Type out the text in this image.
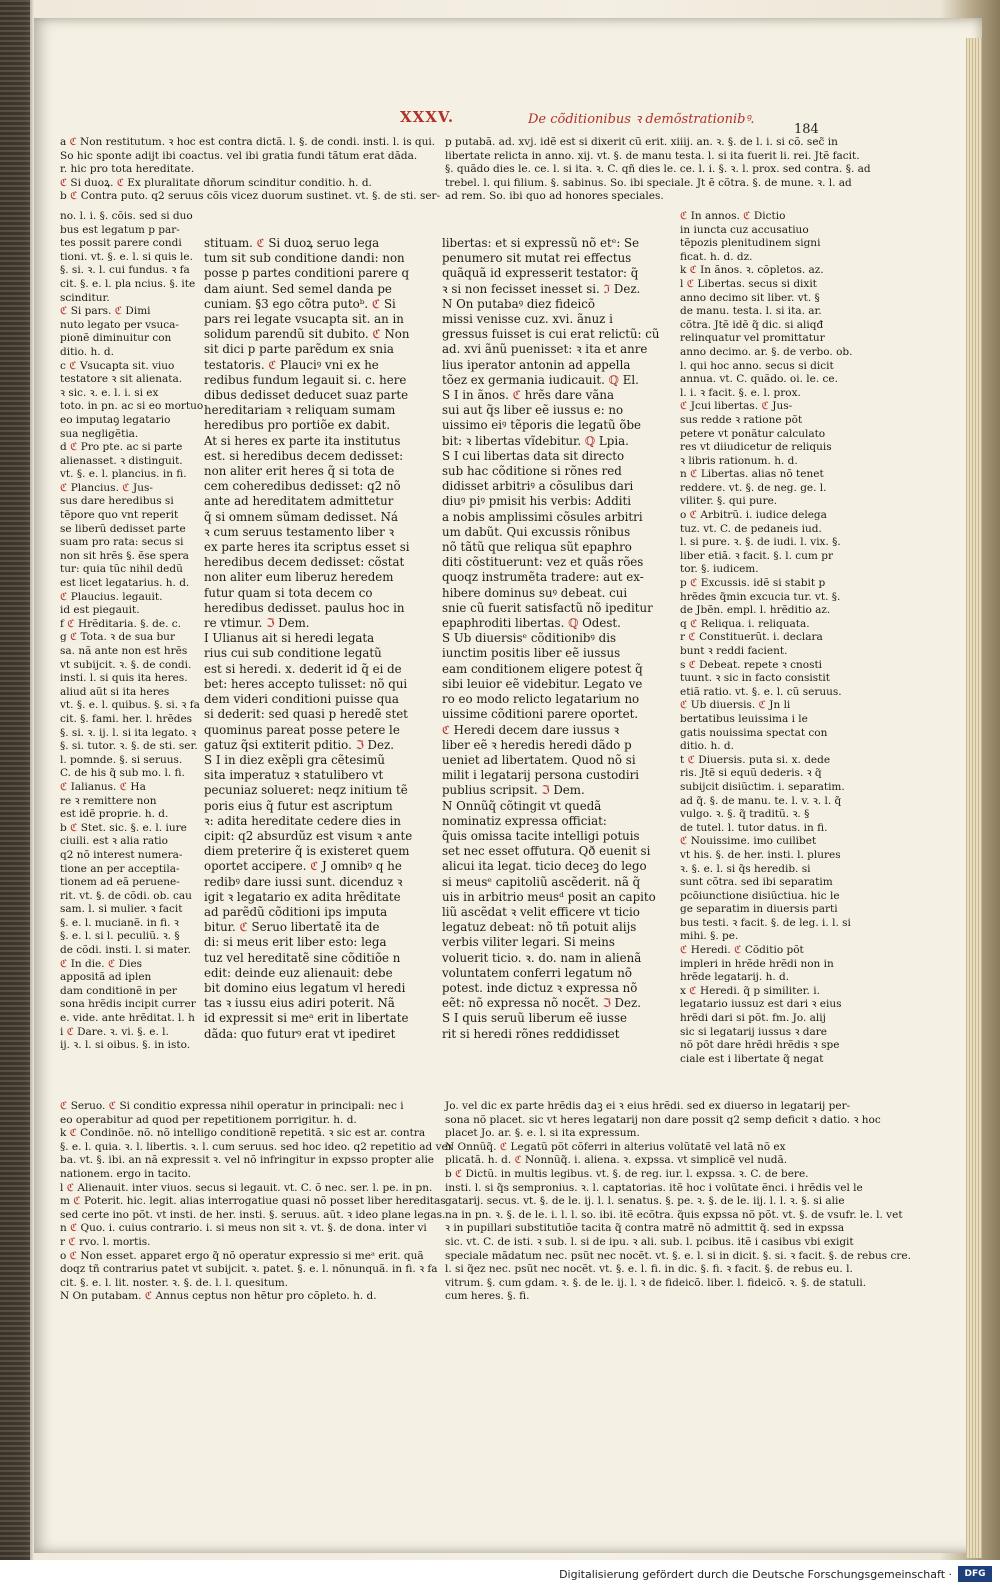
XXXV.	De cõditionibus ꝛ demõstrationibꝰ.
184

a ℭ Non restitutum. ꝛ hoc est contra dictã. l. §. de condi. insti. l. is qui.

So hic sponte adijt ibi coactus. vel ibi gratia fundi tãtum erat dãda.

r. hic pro tota hereditate.

ℭ Si duoꝝ. ℭ Ex pluralitate dñorum scinditur conditio. h. d.

b ℭ Contra puto. q2 seruus cõis vicez duorum sustinet. vt. §. de sti. ser-

p putabã. ad. xvj. idẽ est si dixerit cũ erit. xiiij. an. ꝛ. §. de l. i. si cõ. sec̃ in

libertate relicta in anno. xij. vt. §. de manu testa. l. si ita fuerit li. rei. Jtẽ facit.

§. quãdo dies le. ce. l. si ita. ꝛ. C. qñ dies le. ce. l. i. §. ꝛ. l. prox. sed contra. §. ad

trebel. l. qui filium. §. sabinus. So. ibi speciale. Jt ẽ cõtra. §. de mune. ꝛ. l. ad

ad rem. So. ibi quo ad honores speciales.

no. l. i. §. cõis. sed si duo

bus est legatum p par-

tes possit parere condi

tioni. vt. §. e. l. si quis le.

§. si. ꝛ. l. cui fundus. ꝛ fa

cit. §. e. l. pla ncius. §. ite

scinditur.

ℭ Si pars. ℭ Dimi

nuto legato per vsuca-

pionẽ diminuitur con

ditio. h. d.

c ℭ Vsucapta sit. viuo

testatore ꝛ sit alienata.

ꝛ sic. ꝛ. e. l. i. si ex

toto. in pn. ac si eo mortuo

eo imputaꝯ legatario

sua negligẽtia.

d ℭ Pro pte. ac si parte

alienasset. ꝛ distinguit.

vt. §. e. l. plancius. in fi.

ℭ Plancius. ℭ Jus-

sus dare heredibus si

tẽpore quo vnt reperit

se liberũ dedisset parte

suam pro rata: secus si

non sit hrẽs §. ẽse spera

tur: quia tũc nihil dedũ

est licet legatarius. h. d.

ℭ Plaucius. legauit.

id est piegauit.

f ℭ Hrẽditaria. §. de. c.

g ℭ Tota. ꝛ de sua bur

sa. nã ante non est hrẽs

vt subijcit. ꝛ. §. de condi.

insti. l. si quis ita heres.

aliud aũt si ita heres

vt. §. e. l. quibus. §. si. ꝛ fa

cit. §. fami. her. l. hrẽdes

§. si. ꝛ. ij. l. si ita legato. ꝛ

§. si. tutor. ꝛ. §. de sti. ser.

l. pomnde. §. si seruus.

C. de his q̃ sub mo. l. fi.

ℭ Ialianus. ℭ Ha

re ꝛ remittere non

est idẽ proprie. h. d.

b ℭ Stet. sic. §. e. l. iure

ciuili. est ꝛ alia ratio

q2 nõ interest numera-

tione an per acceptila-

tionem ad eã peruene-

rit. vt. §. de cõdi. ob. cau

sam. l. si mulier. ꝛ facit

§. e. l. mucianẽ. in fi. ꝛ

§. e. l. si l. peculiũ. ꝛ. §

de cõdi. insti. l. si mater.

ℭ In die. ℭ Dies

appositã ad iplen

dam conditionẽ in per

sona hrẽdis incipit currer

e. vide. ante hrẽditat. l. h

i ℭ Dare. ꝛ. vi. §. e. l.

ij. ꝛ. l. si oibus. §. in isto.

stituam. ℭ Si duoꝝ seruo lega

tum sit sub conditione dandi: non

posse p partes conditioni parere q

dam aiunt. Sed semel danda pe

cuniam. §3 ego cõtra putoᵇ. ℭ Si

pars rei legate vsucapta sit. an in

solidum parendũ sit dubito. ℭ Non

sit dici p parte parẽdum ex snia

testatoris. ℭ Plauciꝰ vni ex he

redibus fundum legauit si. c. here

dibus dedisset deducet suaz parte

hereditariam ꝛ reliquam sumam

heredibus pro portiõe ex dabit.

At si heres ex parte ita institutus

est. si heredibus decem dedisset:

non aliter erit heres q̃ si tota de

cem coheredibus dedisset: q2 nõ

ante ad hereditatem admittetur

q̃ si omnem sũmam dedisset. Ná

ꝛ cum seruus testamento liber ꝛ

ex parte heres ita scriptus esset si

heredibus decem dedisset: cõstat

non aliter eum liberuz heredem

futur quam si tota decem co

heredibus dedisset. paulus hoc in

re vtimur. ℑ Dem.

I Ulianus ait si heredi legata

rius cui sub conditione legatũ

est si heredi. x. dederit id q̃ ei de

bet: heres accepto tulisset: nõ qui

dem videri conditioni puisse qua

si dederit: sed quasi p heredẽ stet

quominus pareat posse petere le

gatuz q̃si extiterit pditio. ℑ Dez.

S I in diez exẽpli gra cẽtesimũ

sita imperatuz ꝛ statulibero vt

pecuniaz solueret: neqz initium tẽ

poris eius q̃ futur est ascriptum

ꝛ: adita hereditate cedere dies in

cipit: q2 absurdũz est visum ꝛ ante

diem preterire q̃ is existeret quem

oportet accipere. ℭ J omnibꝰ q he

redibꝰ dare iussi sunt. dicenduz ꝛ

igit ꝛ legatario ex adita hrẽditate

ad parẽdũ cõditioni ips imputa

bitur. ℭ Seruo libertatẽ ita de

di: si meus erit liber esto: lega

tuz vel hereditatẽ sine cõditiõe n

edit: deinde euz alienauit: debe

bit domino eius legatum vl heredi

tas ꝛ iussu eius adiri poterit. Nã

id expressit si meᵃ erit in libertate

dãda: quo futurꝰ erat vt ipediret

libertas: et si expressũ nõ etᵉ: Se

penumero sit mutat rei effectus

quãquã id expresserit testator: q̃

ꝛ si non fecisset inesset si. ℑ Dez.

N On putabaꝰ diez fideicõ

missi venisse cuz. xvi. ãnuz i

gressus fuisset is cui erat relictũ: cũ

ad. xvi ãnũ puenisset: ꝛ ita et anre

lius iperator antonin ad appella

tõez ex germania iudicauit. ℚ El.

S I in ãnos. ℭ hrẽs dare vãna

sui aut q̃s liber eẽ iussus e: no

uissimo eiꝰ tẽporis die legatũ õbe

bit: ꝛ libertas vĩdebitur. ℚ Lpia.

S I cui libertas data sit directo

sub hac cõditione si rõnes red

didisset arbitriꝰ a cõsulibus dari

diuꝰ piꝰ pmisit his verbis: Additi

a nobis amplissimi cõsules arbitri

um dabũt. Qui excussis rõnibus

nõ tãtũ que reliqua sũt epaphro

diti cõstituerunt: vez et quãs rões

quoqz instrumẽta tradere: aut ex-

hibere dominus suꝰ debeat. cui

snie cũ fuerit satisfactũ nõ ipeditur

epaphroditi libertas. ℚ Odest.

S Ub diuersisᵉ cõditionibꝰ dis

iunctim positis liber eẽ iussus

eam conditionem eligere potest q̃

sibi leuior eẽ videbitur. Legato ve

ro eo modo relicto legatarium no

uissime cõditioni parere oportet.

ℭ Heredi decem dare iussus ꝛ

liber eẽ ꝛ heredis heredi dãdo p

ueniet ad libertatem. Quod nõ si

milit i legatarij persona custodiri

publius scripsit. ℑ Dem.

N Onnũq̃ cõtingit vt quedã

nominatiz expressa officiat:

q̃uis omissa tacite intelligi potuis

set nec esset offutura. Qð euenit si

alicui ita legat. ticio deceꝫ do lego

si meusᵉ capitoliũ ascẽderit. nã q̃

uis in arbitrio meusᵈ posit an capito

liũ ascẽdat ꝛ velit efficere vt ticio

legatuz debeat: nõ tñ potuit alijs

verbis viliter legari. Si meins

voluerit ticio. ꝛ. do. nam in alienã

voluntatem conferri legatum nõ

potest. inde dictuz ꝛ expressa nõ

eẽt: nõ expressa nõ nocẽt. ℑ Dez.

S I quis seruũ liberum eẽ iusse

rit si heredi rõnes reddidisset

ℭ In annos. ℭ Dictio

in iuncta cuz accusatiuo

tẽpozis plenitudinem signi

ficat. h. d. dz.

k ℭ In ãnos. ꝛ. cõpletos. az.

l ℭ Libertas. secus si dixit

anno decimo sit liber. vt. §

de manu. testa. l. si ita. ar.

cõtra. Jtẽ idẽ q̃ dic. si aliqđ

relinquatur vel promittatur

anno decimo. ar. §. de verbo. ob.

l. qui hoc anno. secus si dicit

annua. vt. C. quãdo. oi. le. ce.

l. i. ꝛ facit. §. e. l. prox.

ℭ Jcui libertas. ℭ Jus-

sus redde ꝛ ratione põt

petere vt ponãtur calculato

res vt diiudicetur de reliquis

ꝛ libris rationum. h. d.

n ℭ Libertas. alias nõ tenet

reddere. vt. §. de neg. ge. l.

viliter. §. qui pure.

o ℭ Arbitrũ. i. iudice delega

tuz. vt. C. de pedaneis iud.

l. si pure. ꝛ. §. de iudi. l. vix. §.

liber etiã. ꝛ facit. §. l. cum pr

tor. §. iudicem.

p ℭ Excussis. idẽ si stabit p

hrẽdes q̃min excucia tur. vt. §.

de Jbẽn. empl. l. hrẽditio az.

q ℭ Reliqua. i. reliquata.

r ℭ Constituerũt. i. declara

bunt ꝛ reddi facient.

s ℭ Debeat. repete ꝛ cnosti

tuunt. ꝛ sic in facto consistit

etiã ratio. vt. §. e. l. cũ seruus.

ℭ Ub diuersis. ℭ Jn li

bertatibus leuissima i le

gatis nouissima spectat con

ditio. h. d.

t ℭ Diuersis. puta si. x. dede

ris. Jtẽ si equũ dederis. ꝛ q̃

subijcit disiũctim. i. separatim.

ad q̃. §. de manu. te. l. v. ꝛ. l. q̃

vulgo. ꝛ. §. q̃ traditũ. ꝛ. §

de tutel. l. tutor datus. in fi.

ℭ Nouissime. imo cuilibet

vt his. §. de her. insti. l. plures

ꝛ. §. e. l. si q̃s heredib. si

sunt cõtra. sed ibi separatim

pcõiunctione disiũctiua. hic le

ge separatim in diuersis parti

bus testi. ꝛ facit. §. de leg. i. l. si

mihi. §. pe.

ℭ Heredi. ℭ Cõditio põt

impleri in hrẽde hrẽdi non in

hrẽde legatarij. h. d.

x ℭ Heredi. q̃ p similiter. i.

legatario iussuz est dari ꝛ eius

hrẽdi dari si põt. fm. Jo. alij

sic si legatarij iussus ꝛ dare

nõ põt dare hrẽdi hrẽdis ꝛ spe

ciale est i libertate q̃ negat

ℭ Seruo. ℭ Si conditio expressa nihil operatur in principali: nec i

eo operabitur ad quod per repetitionem porrigitur. h. d.

k ℭ Condinõe. nõ. nõ intelligo conditionẽ repetitã. ꝛ sic est ar. contra

§. e. l. quia. ꝛ. l. libertis. ꝛ. l. cum seruus. sed hoc ideo. q2 repetitio ad ver

ba. vt. §. ibi. an nã expressit ꝛ. vel nõ infringitur in expsso propter alie

nationem. ergo in tacito.

l ℭ Alienauit. inter viuos. secus si legauit. vt. C. õ nec. ser. l. pe. in pn.

m ℭ Poterit. hic. legit. alias interrogatiue quasi nõ posset liber hereditas

sed certe ino põt. vt insti. de her. insti. §. seruus. aũt. ꝛ ideo plane legas.

n ℭ Quo. i. cuius contrario. i. si meus non sit ꝛ. vt. §. de dona. inter vi

r ℭ rvo. l. mortis.

o ℭ Non esset. apparet ergo q̃ nõ operatur expressio si meᵃ erit. quã

doqz tñ contrarius patet vt subijcit. ꝛ. patet. §. e. l. nõnunquã. in fi. ꝛ fa

cit. §. e. l. lit. noster. ꝛ. §. de. l. l. quesitum.

N On putabam. ℭ Annus ceptus non hẽtur pro cõpleto. h. d.

Jo. vel dic ex parte hrẽdis daꝫ ei ꝛ eius hrẽdi. sed ex diuerso in legatarij per-

sona nõ placet. sic vt heres legatarij non dare possit q2 semp deficit ꝛ datio. ꝛ hoc

placet Jo. ar. §. e. l. si ita expressum.

N Onnũq̃. ℭ Legatũ põt cõferri in alterius volũtatẽ vel latã nõ ex

plicatã. h. d. ℭ Nonnũq̃. i. aliena. ꝛ. expssa. vt simplicẽ vel nudã.

b ℭ Dictũ. in multis legibus. vt. §. de reg. iur. l. expssa. ꝛ. C. de bere.

insti. l. si q̃s sempronius. ꝛ. l. captatorias. itẽ hoc i volũtate ẽnci. i hrẽdis vel le

gatarij. secus. vt. §. de le. ij. l. l. senatus. §. pe. ꝛ. §. de le. iij. l. l. ꝛ. §. si alie

na in pn. ꝛ. §. de le. i. l. l. so. ibi. itẽ ecõtra. q̃uis expssa nõ põt. vt. §. de vsufr. le. l. vet

ꝛ in pupillari substitutiõe tacita q̃ contra matrẽ nõ admittit q̃. sed in expssa

sic. vt. C. de isti. ꝛ sub. l. si de ipu. ꝛ ali. sub. l. pcibus. itẽ i casibus vbi exigit

speciale mãdatum nec. psũt nec nocẽt. vt. §. e. l. si in dicit. §. si. ꝛ facit. §. de rebus cre.

l. si q̃ez nec. psũt nec nocẽt. vt. §. e. l. fi. in dic. §. fi. ꝛ facit. §. de rebus eu. l.

vitrum. §. cum gdam. ꝛ. §. de le. ij. l. ꝛ de fideicõ. liber. l. fideicõ. ꝛ. §. de statuli.

cum heres. §. fi.

Digitalisierung gefördert durch die Deutsche Forschungsgemeinschaft ·	DFG
